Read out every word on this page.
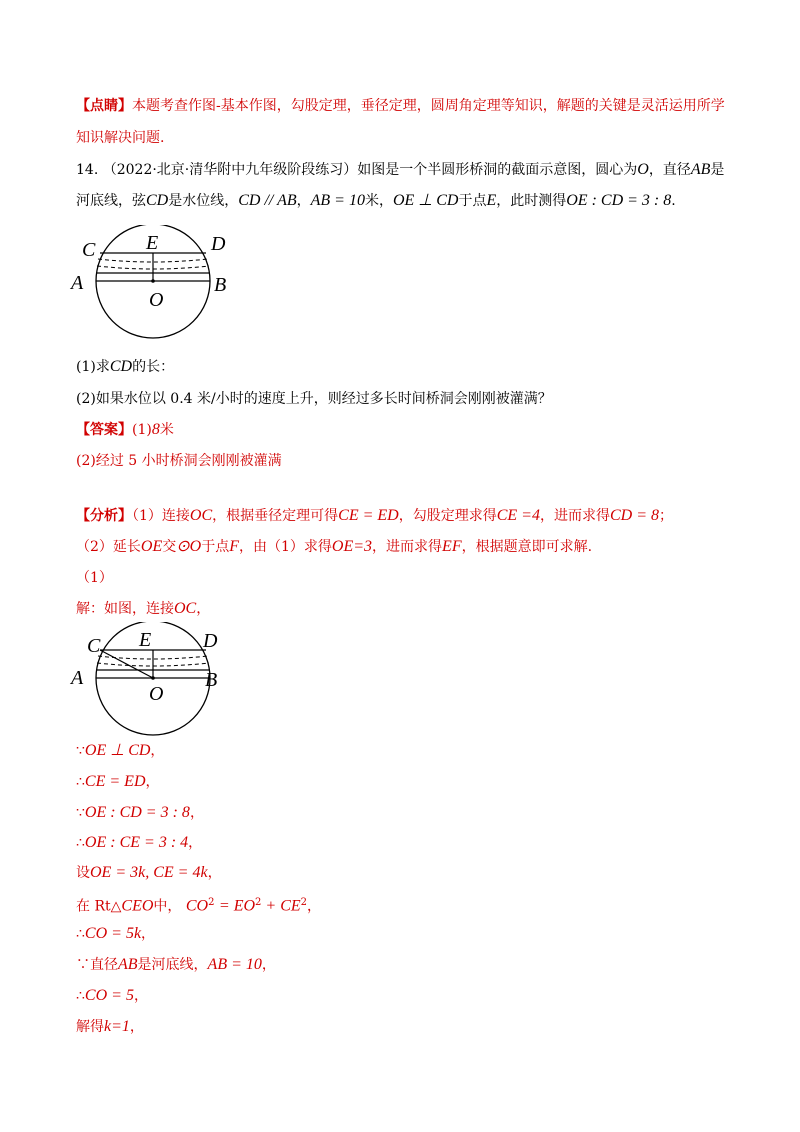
【点睛】本题考查作图-基本作图，勾股定理，垂径定理，圆周角定理等知识，解题的关键是灵活运用所学
知识解决问题.
14. （2022·北京·清华附中九年级阶段练习）如图是一个半圆形桥洞的截面示意图，圆心为O，直径AB是
河底线，弦CD是水位线，CD // AB，AB = 10米，OE ⊥ CD于点E，此时测得OE : CD = 3 : 8.
C	E	D
A	B
O
(1)求CD的长：
(2)如果水位以 0.4 米/小时的速度上升，则经过多长时间桥洞会刚刚被灌满？
【答案】(1)8米
(2)经过 5 小时桥洞会刚刚被灌满
【分析】（1）连接OC，根据垂径定理可得CE = ED，勾股定理求得CE =4，进而求得CD = 8；
（2）延长OE交⊙O于点F，由（1）求得OE=3，进而求得EF，根据题意即可求解.
（1）
解：如图，连接OC，
C E	D
A	B
O
∵OE ⊥ CD，
∴CE = ED，
∵OE : CD = 3 : 8，
∴OE : CE = 3 : 4，
设OE = 3k, CE = 4k，
在 Rt△CEO中， $CO^2 = EO^2 + CE^2$，
∴CO = 5k，
∵直径AB是河底线，AB = 10，
∴CO = 5，
解得k=1，
